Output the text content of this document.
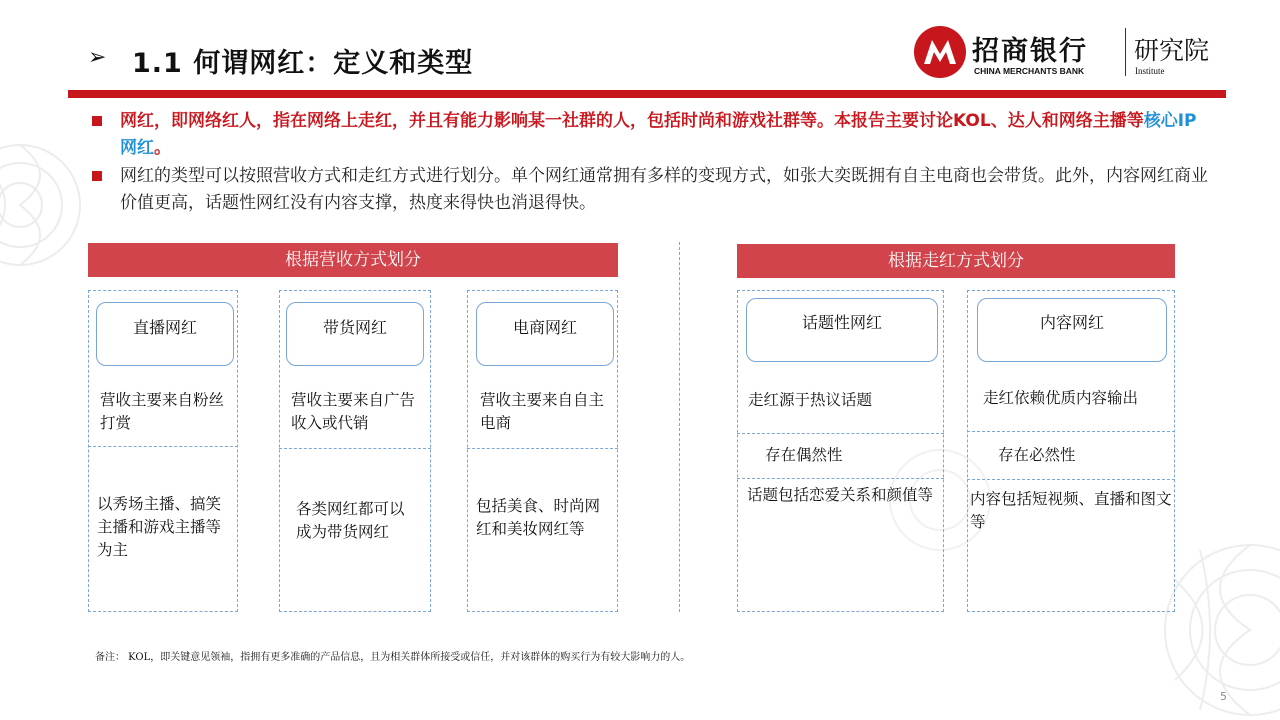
➢ 1.1 何谓网红：定义和类型	招商银行
CHINA MERCHANTS BANK
研究院
Institute
网红，即网络红人，指在网络上走红，并且有能力影响某一社群的人，包括时尚和游戏社群等。本报告主要讨论KOL、达人和网络主播等核心IP网红。
网红的类型可以按照营收方式和走红方式进行划分。单个网红通常拥有多样的变现方式，如张大奕既拥有自主电商也会带货。此外，内容网红商业价值更高，话题性网红没有内容支撑，热度来得快也消退得快。
根据营收方式划分
直播网红
营收主要来自粉丝打赏
以秀场主播、搞笑主播和游戏主播等为主
带货网红
营收主要来自广告收入或代销
各类网红都可以成为带货网红
电商网红
营收主要来自自主电商
包括美食、时尚网红和美妆网红等
根据走红方式划分
话题性网红
走红源于热议话题
存在偶然性
话题包括恋爱关系和颜值等
内容网红
走红依赖优质内容输出
存在必然性
内容包括短视频、直播和图文等
备注： KOL，即关键意见领袖，指拥有更多准确的产品信息，且为相关群体所接受或信任，并对该群体的购买行为有较大影响力的人。
5
